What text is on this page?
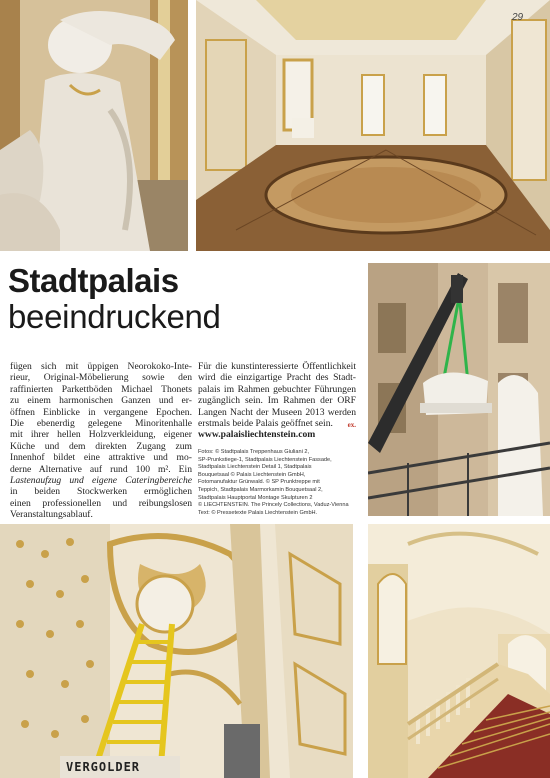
29
Stadtpalais
beeindruckend
fügen sich mit üppigen Neorokoko-Inte-
rieur, Original-Möbelierung sowie den
raffinierten Parkettböden Michael Thonets
zu einem harmonischen Ganzen und er-
öffnen Einblicke in vergangene Epochen.
Die ebenerdig gelegene Minoritenhalle
mit ihrer hellen Holzverkleidung, eigener
Küche und dem direkten Zugang zum
Innenhof bildet eine attraktive und mo-
derne Alternative auf rund 100 m². Ein
Lastenaufzug und eigene Cateringbereiche
in beiden Stockwerken ermöglichen
einen professionellen und reibungslosen
Veranstaltungsablauf.
Für die kunstinteressierte Öffentlichkeit
wird die einzigartige Pracht des Stadt-
palais im Rahmen gebuchter Führungen
zugänglich sein. Im Rahmen der ORF
Langen Nacht der Museen 2013 werden
erstmals beide Palais geöffnet sein. ex.
www.palaisliechtenstein.com
Fotos: © Stadtpalais Treppenhaus Giuliani 2,
SP-Prunkstiege-1, Stadtpalais Liechtenstein Fassade,
Stadtpalais Liechtenstein Detail 1, Stadtpalais
Bouquetsaal © Palais Liechtenstein GmbH,
Fotomanufaktur Grünwald. © SP Prunktreppe mit
Teppich, Stadtpalais Marmorkamin Bouquetsaal 2,
Stadtpalais Hauptportal Montage Skulpturen 2
© LIECHTENSTEIN. The Princely Collections, Vaduz-Vienna
Text: © Pressetexte Palais Liechtenstein GmbH.
VERGOLDER
